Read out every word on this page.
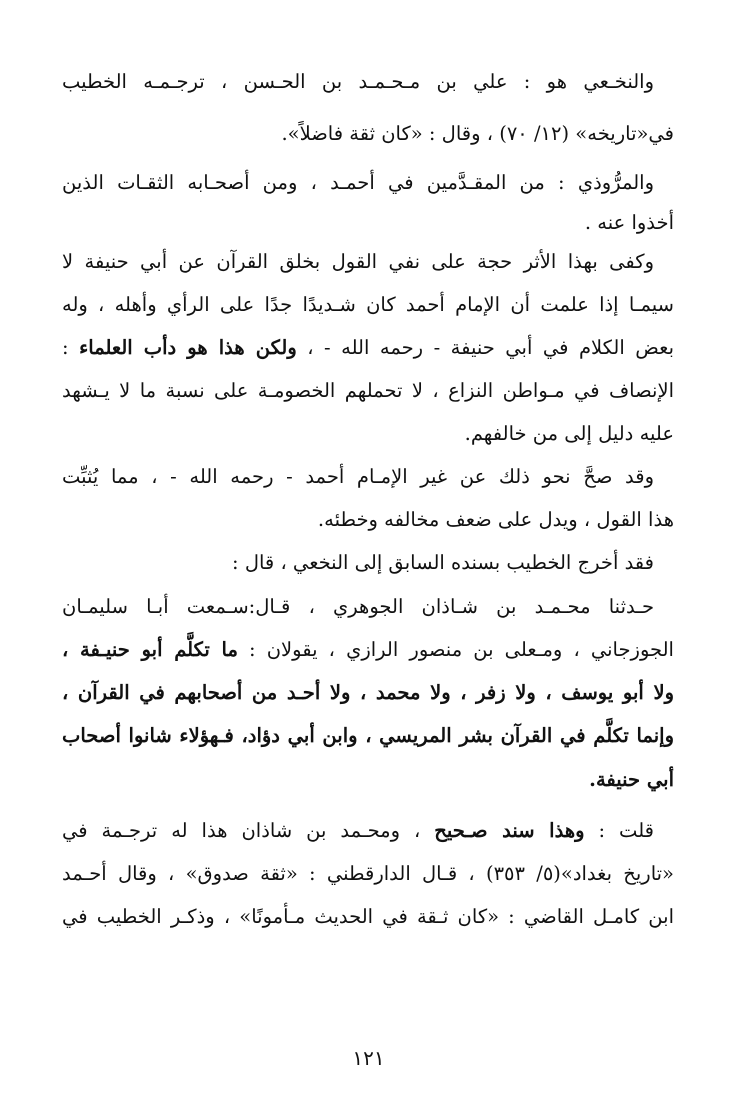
والنخـعي هو : علي بن مـحـمـد بن الحـسن ، ترجـمـه الخطيب
في«تاريخه» (١٢/ ٧٠) ، وقال : «كان ثقة فاضلاً».
والمرُّوذي : من المقـدَّمين في أحمـد ، ومن أصحـابه الثقـات الذين
أخذوا عنه .
وكفى بهذا الأثر حجة على نفي القول بخلق القرآن عن أبي حنيفة لا
سيمـا إذا علمت أن الإمام أحمد كان شـديدًا جدًا على الرأي وأهله ، وله
بعض الكلام في أبي حنيفة - رحمه الله - ، ولكن هذا هو دأب العلماء :
الإنصاف في مـواطن النزاع ، لا تحملهم الخصومـة على نسبة ما لا يـشهد
عليه دليل إلى من خالفهم.
وقد صحَّ نحو ذلك عن غير الإمـام أحمد - رحمه الله - ، مما يُثبِّت
هذا القول ، ويدل على ضعف مخالفه وخطئه.
فقد أخرج الخطيب بسنده السابق إلى النخعي ، قال :
حـدثنا محـمـد بن شـاذان الجوهري ، قـال:سـمعت أبـا سليمـان
الجوزجاني ، ومـعلى بن منصور الرازي ، يقولان : ما تكلَّم أبو حنيـفة ،
ولا أبو يوسف ، ولا زفر ، ولا محمد ، ولا أحـد من أصحابهم في القرآن ،
وإنما تكلَّم في القرآن بشر المريسي ، وابن أبي دؤاد، فـهؤلاء شانوا أصحاب
أبي حنيفة.
قلت : وهذا سند صـحيح ، ومحـمد بن شاذان هذا له ترجـمة في
«تاريخ بغداد»(٥/ ٣٥٣) ، قـال الدارقطني : «ثقة صدوق» ، وقال أحـمد
ابن كامـل القاضي : «كان ثـقة في الحديث مـأمونًا» ، وذكـر الخطيب في
١٢١
